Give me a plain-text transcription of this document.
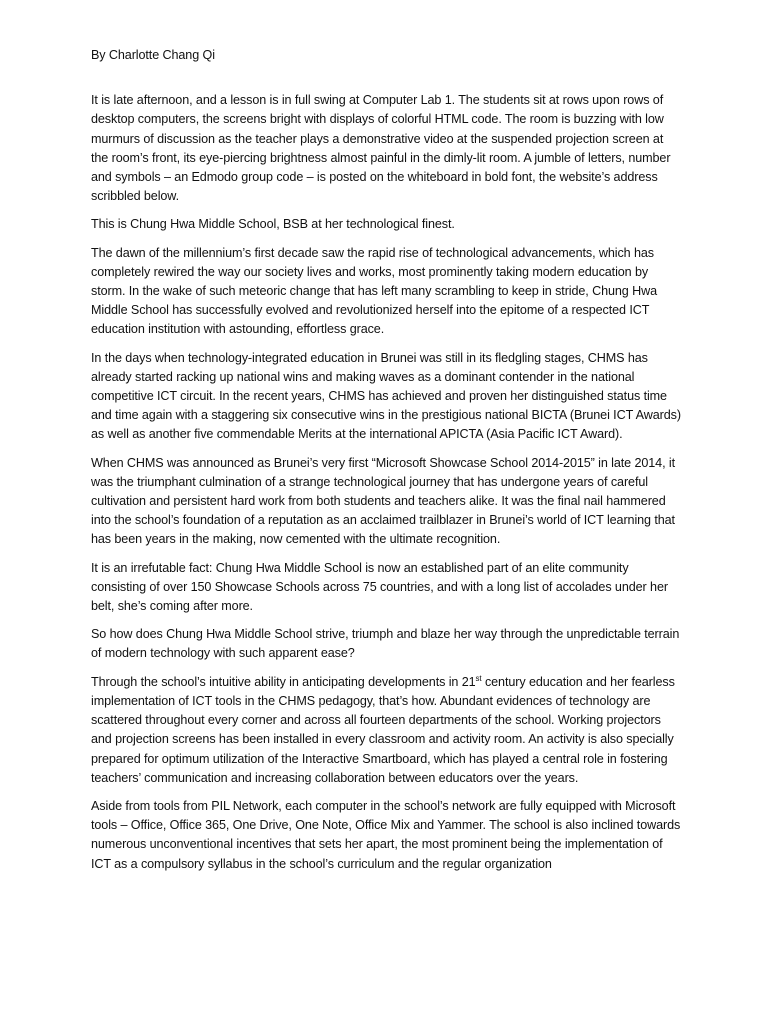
By Charlotte Chang Qi

It is late afternoon, and a lesson is in full swing at Computer Lab 1. The students sit at rows upon rows of desktop computers, the screens bright with displays of colorful HTML code. The room is buzzing with low murmurs of discussion as the teacher plays a demonstrative video at the suspended projection screen at the room’s front, its eye-piercing brightness almost painful in the dimly-lit room. A jumble of letters, number and symbols – an Edmodo group code – is posted on the whiteboard in bold font, the website’s address scribbled below.

This is Chung Hwa Middle School, BSB at her technological finest.

The dawn of the millennium’s first decade saw the rapid rise of technological advancements, which has completely rewired the way our society lives and works, most prominently taking modern education by storm. In the wake of such meteoric change that has left many scrambling to keep in stride, Chung Hwa Middle School has successfully evolved and revolutionized herself into the epitome of a respected ICT education institution with astounding, effortless grace.

In the days when technology-integrated education in Brunei was still in its fledgling stages, CHMS has already started racking up national wins and making waves as a dominant contender in the national competitive ICT circuit. In the recent years, CHMS has achieved and proven her distinguished status time and time again with a staggering six consecutive wins in the prestigious national BICTA (Brunei ICT Awards) as well as another five commendable Merits at the international APICTA (Asia Pacific ICT Award).

When CHMS was announced as Brunei’s very first “Microsoft Showcase School 2014-2015” in late 2014, it was the triumphant culmination of a strange technological journey that has undergone years of careful cultivation and persistent hard work from both students and teachers alike. It was the final nail hammered into the school’s foundation of a reputation as an acclaimed trailblazer in Brunei’s world of ICT learning that has been years in the making, now cemented with the ultimate recognition.

It is an irrefutable fact: Chung Hwa Middle School is now an established part of an elite community consisting of over 150 Showcase Schools across 75 countries, and with a long list of accolades under her belt, she’s coming after more.

So how does Chung Hwa Middle School strive, triumph and blaze her way through the unpredictable terrain of modern technology with such apparent ease?

Through the school’s intuitive ability in anticipating developments in 21st century education and her fearless implementation of ICT tools in the CHMS pedagogy, that’s how. Abundant evidences of technology are scattered throughout every corner and across all fourteen departments of the school. Working projectors and projection screens has been installed in every classroom and activity room. An activity is also specially prepared for optimum utilization of the Interactive Smartboard, which has played a central role in fostering teachers’ communication and increasing collaboration between educators over the years.

Aside from tools from PIL Network, each computer in the school’s network are fully equipped with Microsoft tools – Office, Office 365, One Drive, One Note, Office Mix and Yammer. The school is also inclined towards numerous unconventional incentives that sets her apart, the most prominent being the implementation of ICT as a compulsory syllabus in the school’s curriculum and the regular organization
